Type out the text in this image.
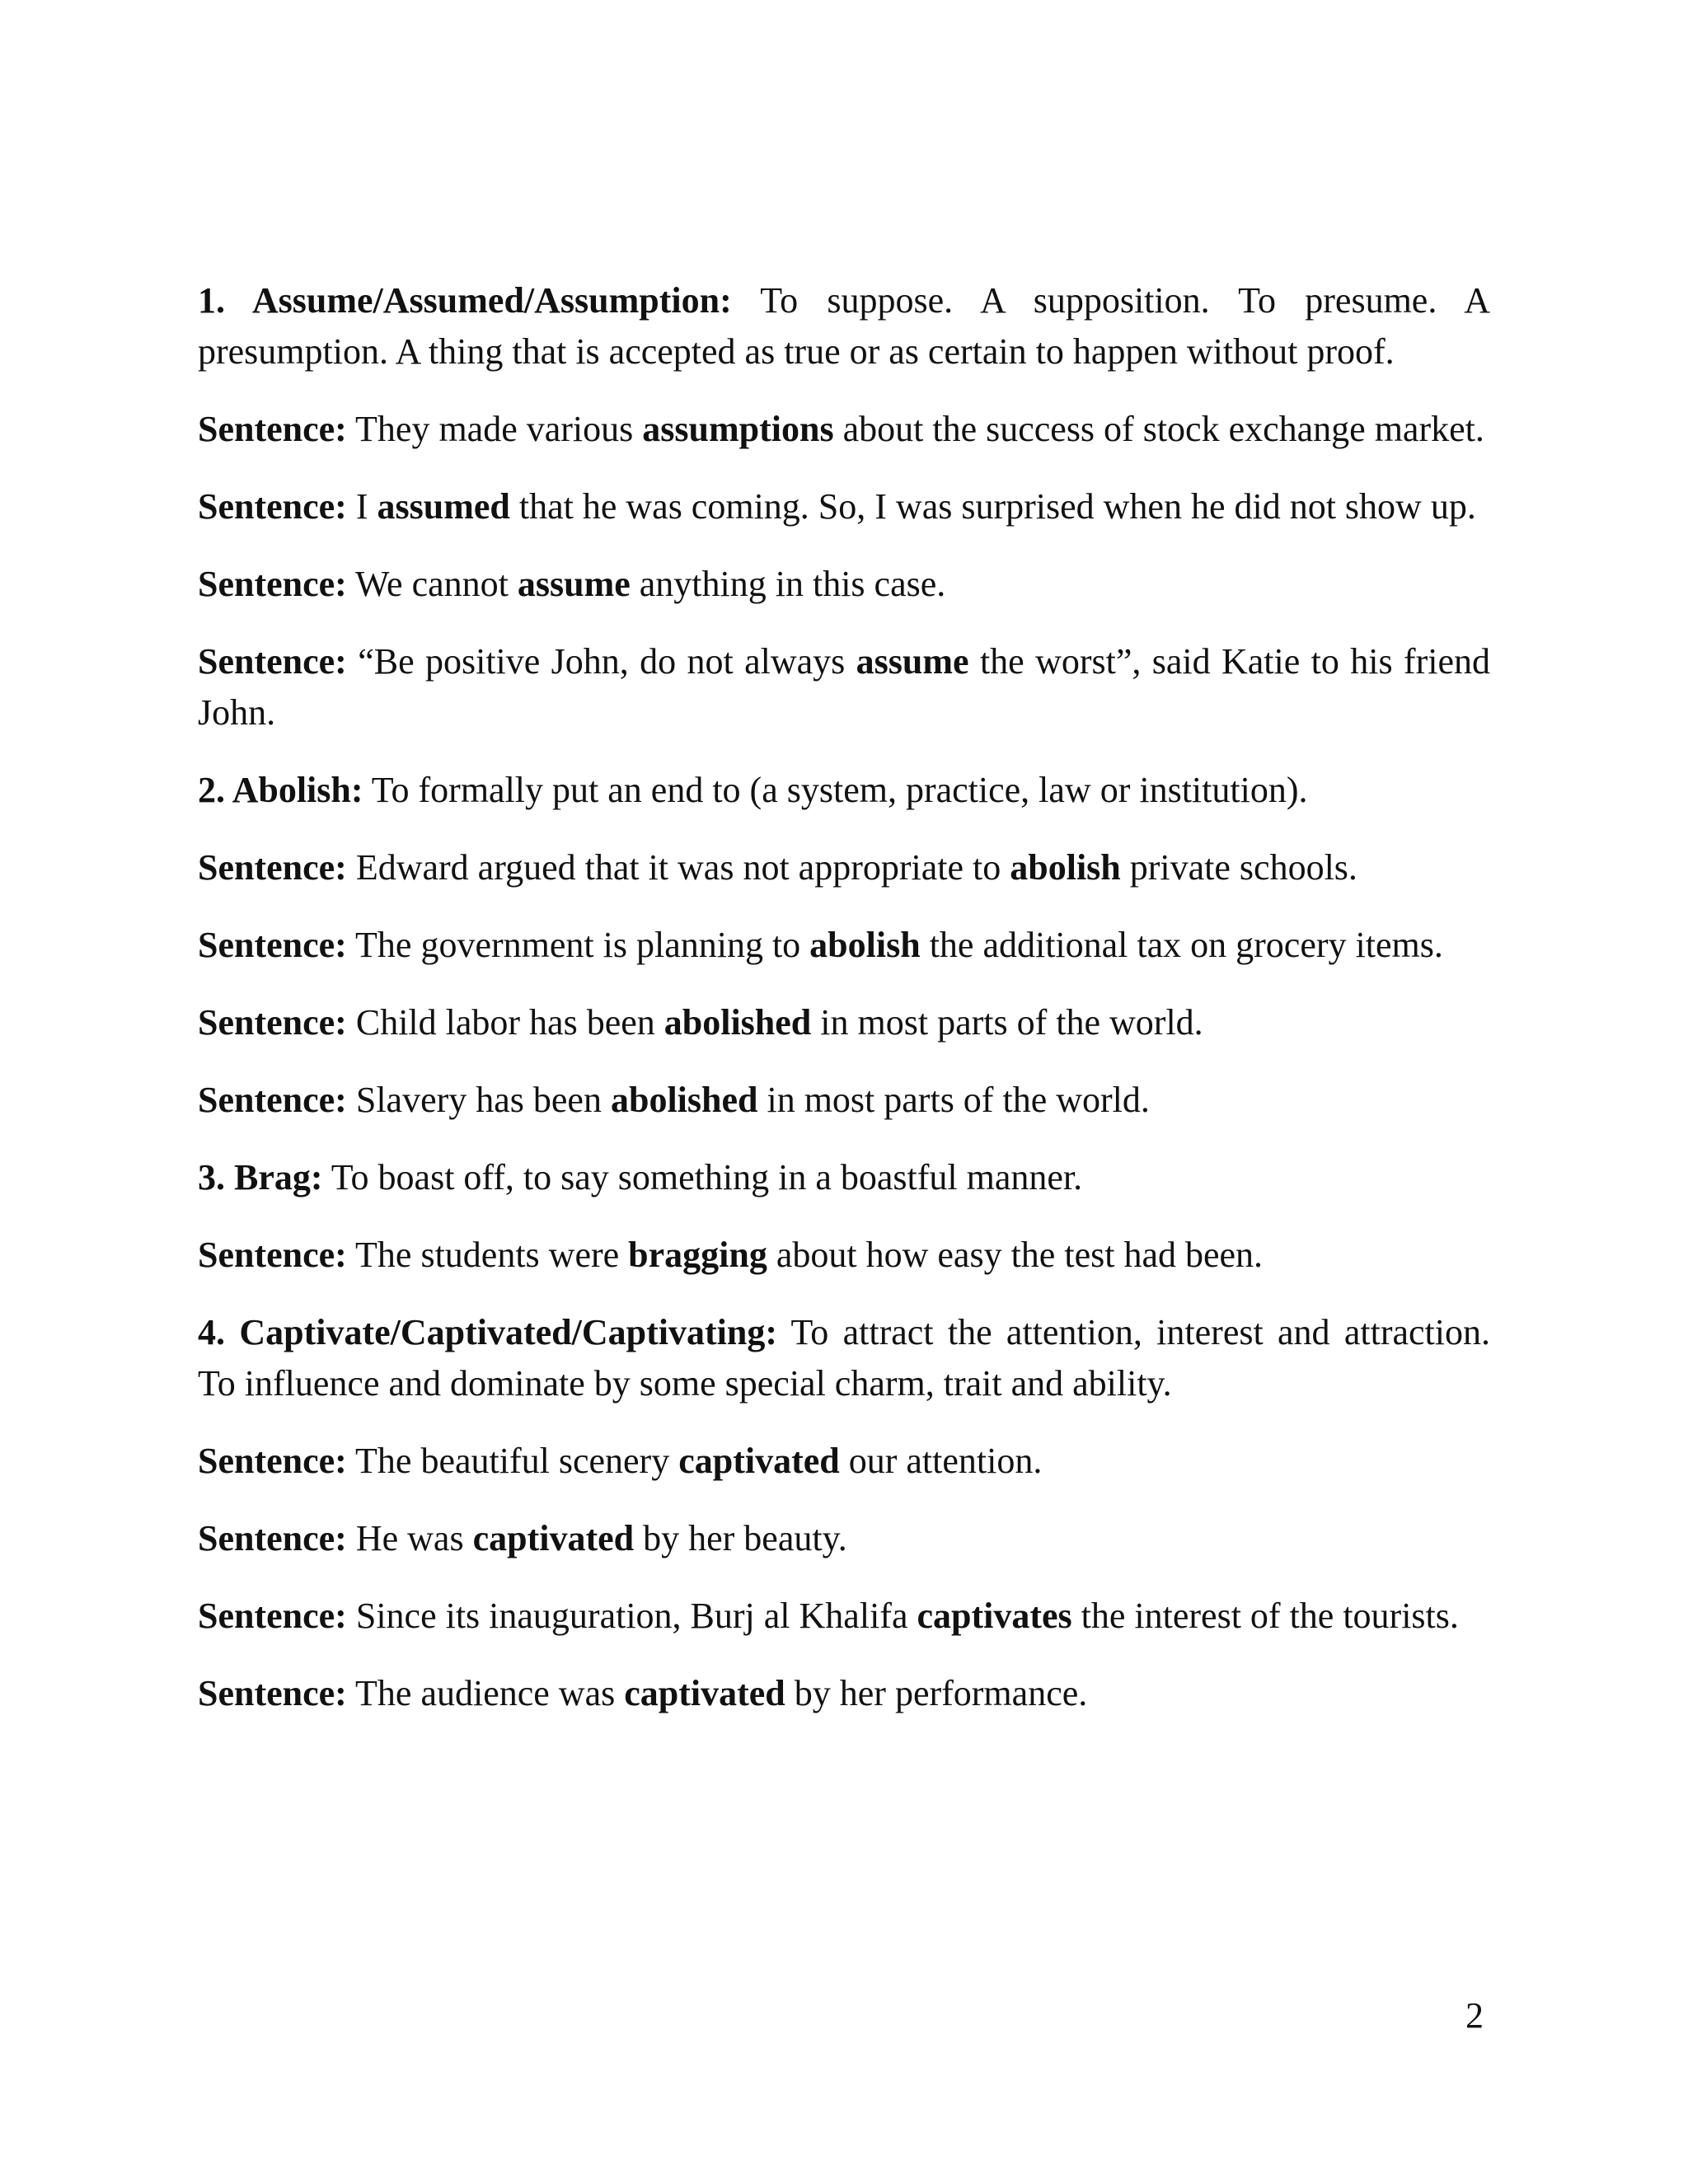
1. Assume/Assumed/Assumption: To suppose. A supposition. To presume. A presumption. A thing that is accepted as true or as certain to happen without proof.

Sentence: They made various assumptions about the success of stock exchange market.

Sentence: I assumed that he was coming. So, I was surprised when he did not show up.

Sentence: We cannot assume anything in this case.

Sentence: “Be positive John, do not always assume the worst”, said Katie to his friend John.

2. Abolish: To formally put an end to (a system, practice, law or institution).

Sentence: Edward argued that it was not appropriate to abolish private schools.

Sentence: The government is planning to abolish the additional tax on grocery items.

Sentence: Child labor has been abolished in most parts of the world.

Sentence: Slavery has been abolished in most parts of the world.

3. Brag: To boast off, to say something in a boastful manner.

Sentence: The students were bragging about how easy the test had been.

4. Captivate/Captivated/Captivating: To attract the attention, interest and attraction. To influence and dominate by some special charm, trait and ability.

Sentence: The beautiful scenery captivated our attention.

Sentence: He was captivated by her beauty.

Sentence: Since its inauguration, Burj al Khalifa captivates the interest of the tourists.

Sentence: The audience was captivated by her performance.

2
